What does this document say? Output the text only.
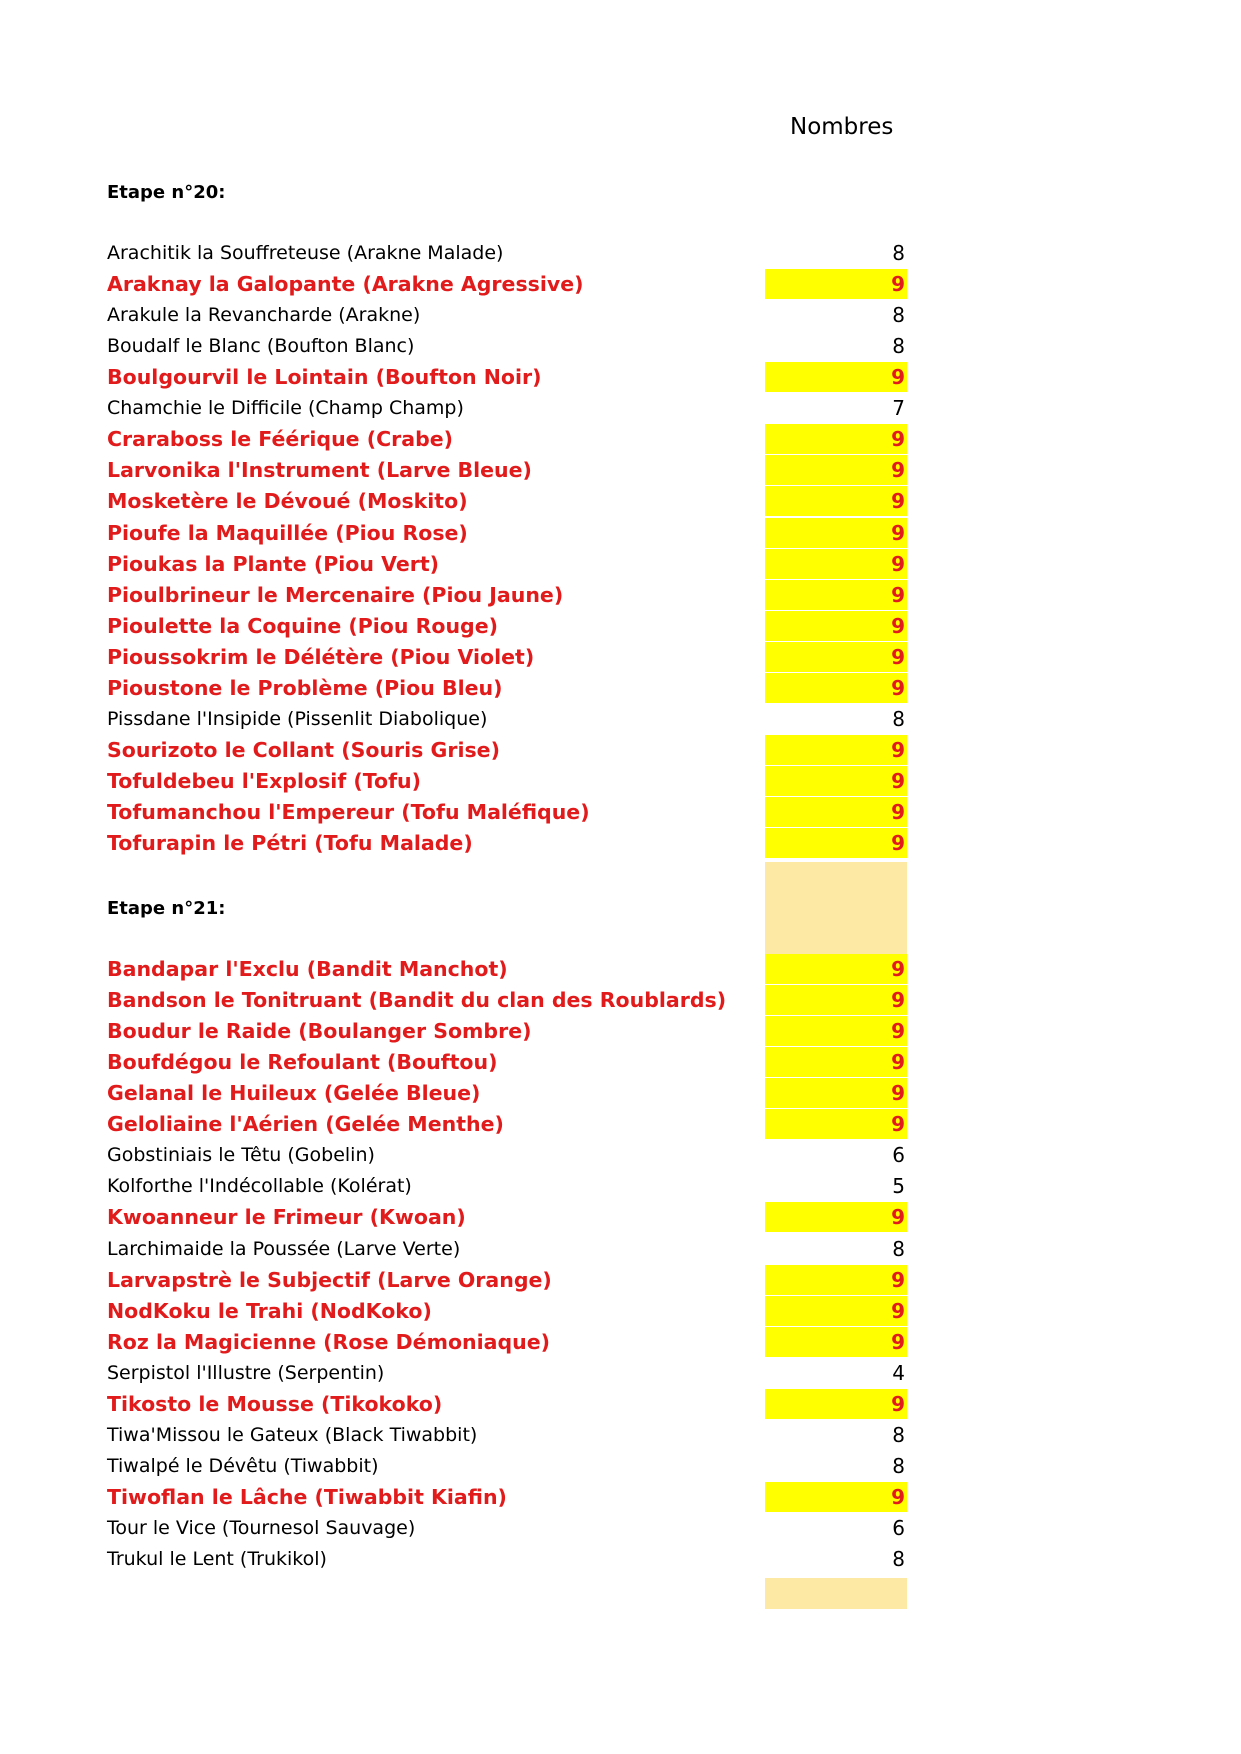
Nombres
Etape n°20:
Arachitik la Souffreteuse (Arakne Malade)	8
Araknay la Galopante (Arakne Agressive)	9
Arakule la Revancharde (Arakne)	8
Boudalf le Blanc (Boufton Blanc)	8
Boulgourvil le Lointain (Boufton Noir)	9
Chamchie le Difficile (Champ Champ)	7
Craraboss le Féérique (Crabe)	9
Larvonika l'Instrument (Larve Bleue)	9
Mosketère le Dévoué (Moskito)	9
Pioufe la Maquillée (Piou Rose)	9
Pioukas la Plante (Piou Vert)	9
Pioulbrineur le Mercenaire (Piou Jaune)	9
Pioulette la Coquine (Piou Rouge)	9
Pioussokrim le Délétère (Piou Violet)	9
Pioustone le Problème (Piou Bleu)	9
Pissdane l'Insipide (Pissenlit Diabolique)	8
Sourizoto le Collant (Souris Grise)	9
Tofuldebeu l'Explosif (Tofu)	9
Tofumanchou l'Empereur (Tofu Maléfique)	9
Tofurapin le Pétri (Tofu Malade)	9
Etape n°21:
Bandapar l'Exclu (Bandit Manchot)	9
Bandson le Tonitruant (Bandit du clan des Roublards)	9
Boudur le Raide (Boulanger Sombre)	9
Boufdégou le Refoulant (Bouftou)	9
Gelanal le Huileux (Gelée Bleue)	9
Geloliaine l'Aérien (Gelée Menthe)	9
Gobstiniais le Têtu (Gobelin)	6
Kolforthe l'Indécollable (Kolérat)	5
Kwoanneur le Frimeur (Kwoan)	9
Larchimaide la Poussée (Larve Verte)	8
Larvapstrè le Subjectif (Larve Orange)	9
NodKoku le Trahi (NodKoko)	9
Roz la Magicienne (Rose Démoniaque)	9
Serpistol l'Illustre (Serpentin)	4
Tikosto le Mousse (Tikokoko)	9
Tiwa'Missou le Gateux (Black Tiwabbit)	8
Tiwalpé le Dévêtu (Tiwabbit)	8
Tiwoflan le Lâche (Tiwabbit Kiafin)	9
Tour le Vice (Tournesol Sauvage)	6
Trukul le Lent (Trukikol)	8
